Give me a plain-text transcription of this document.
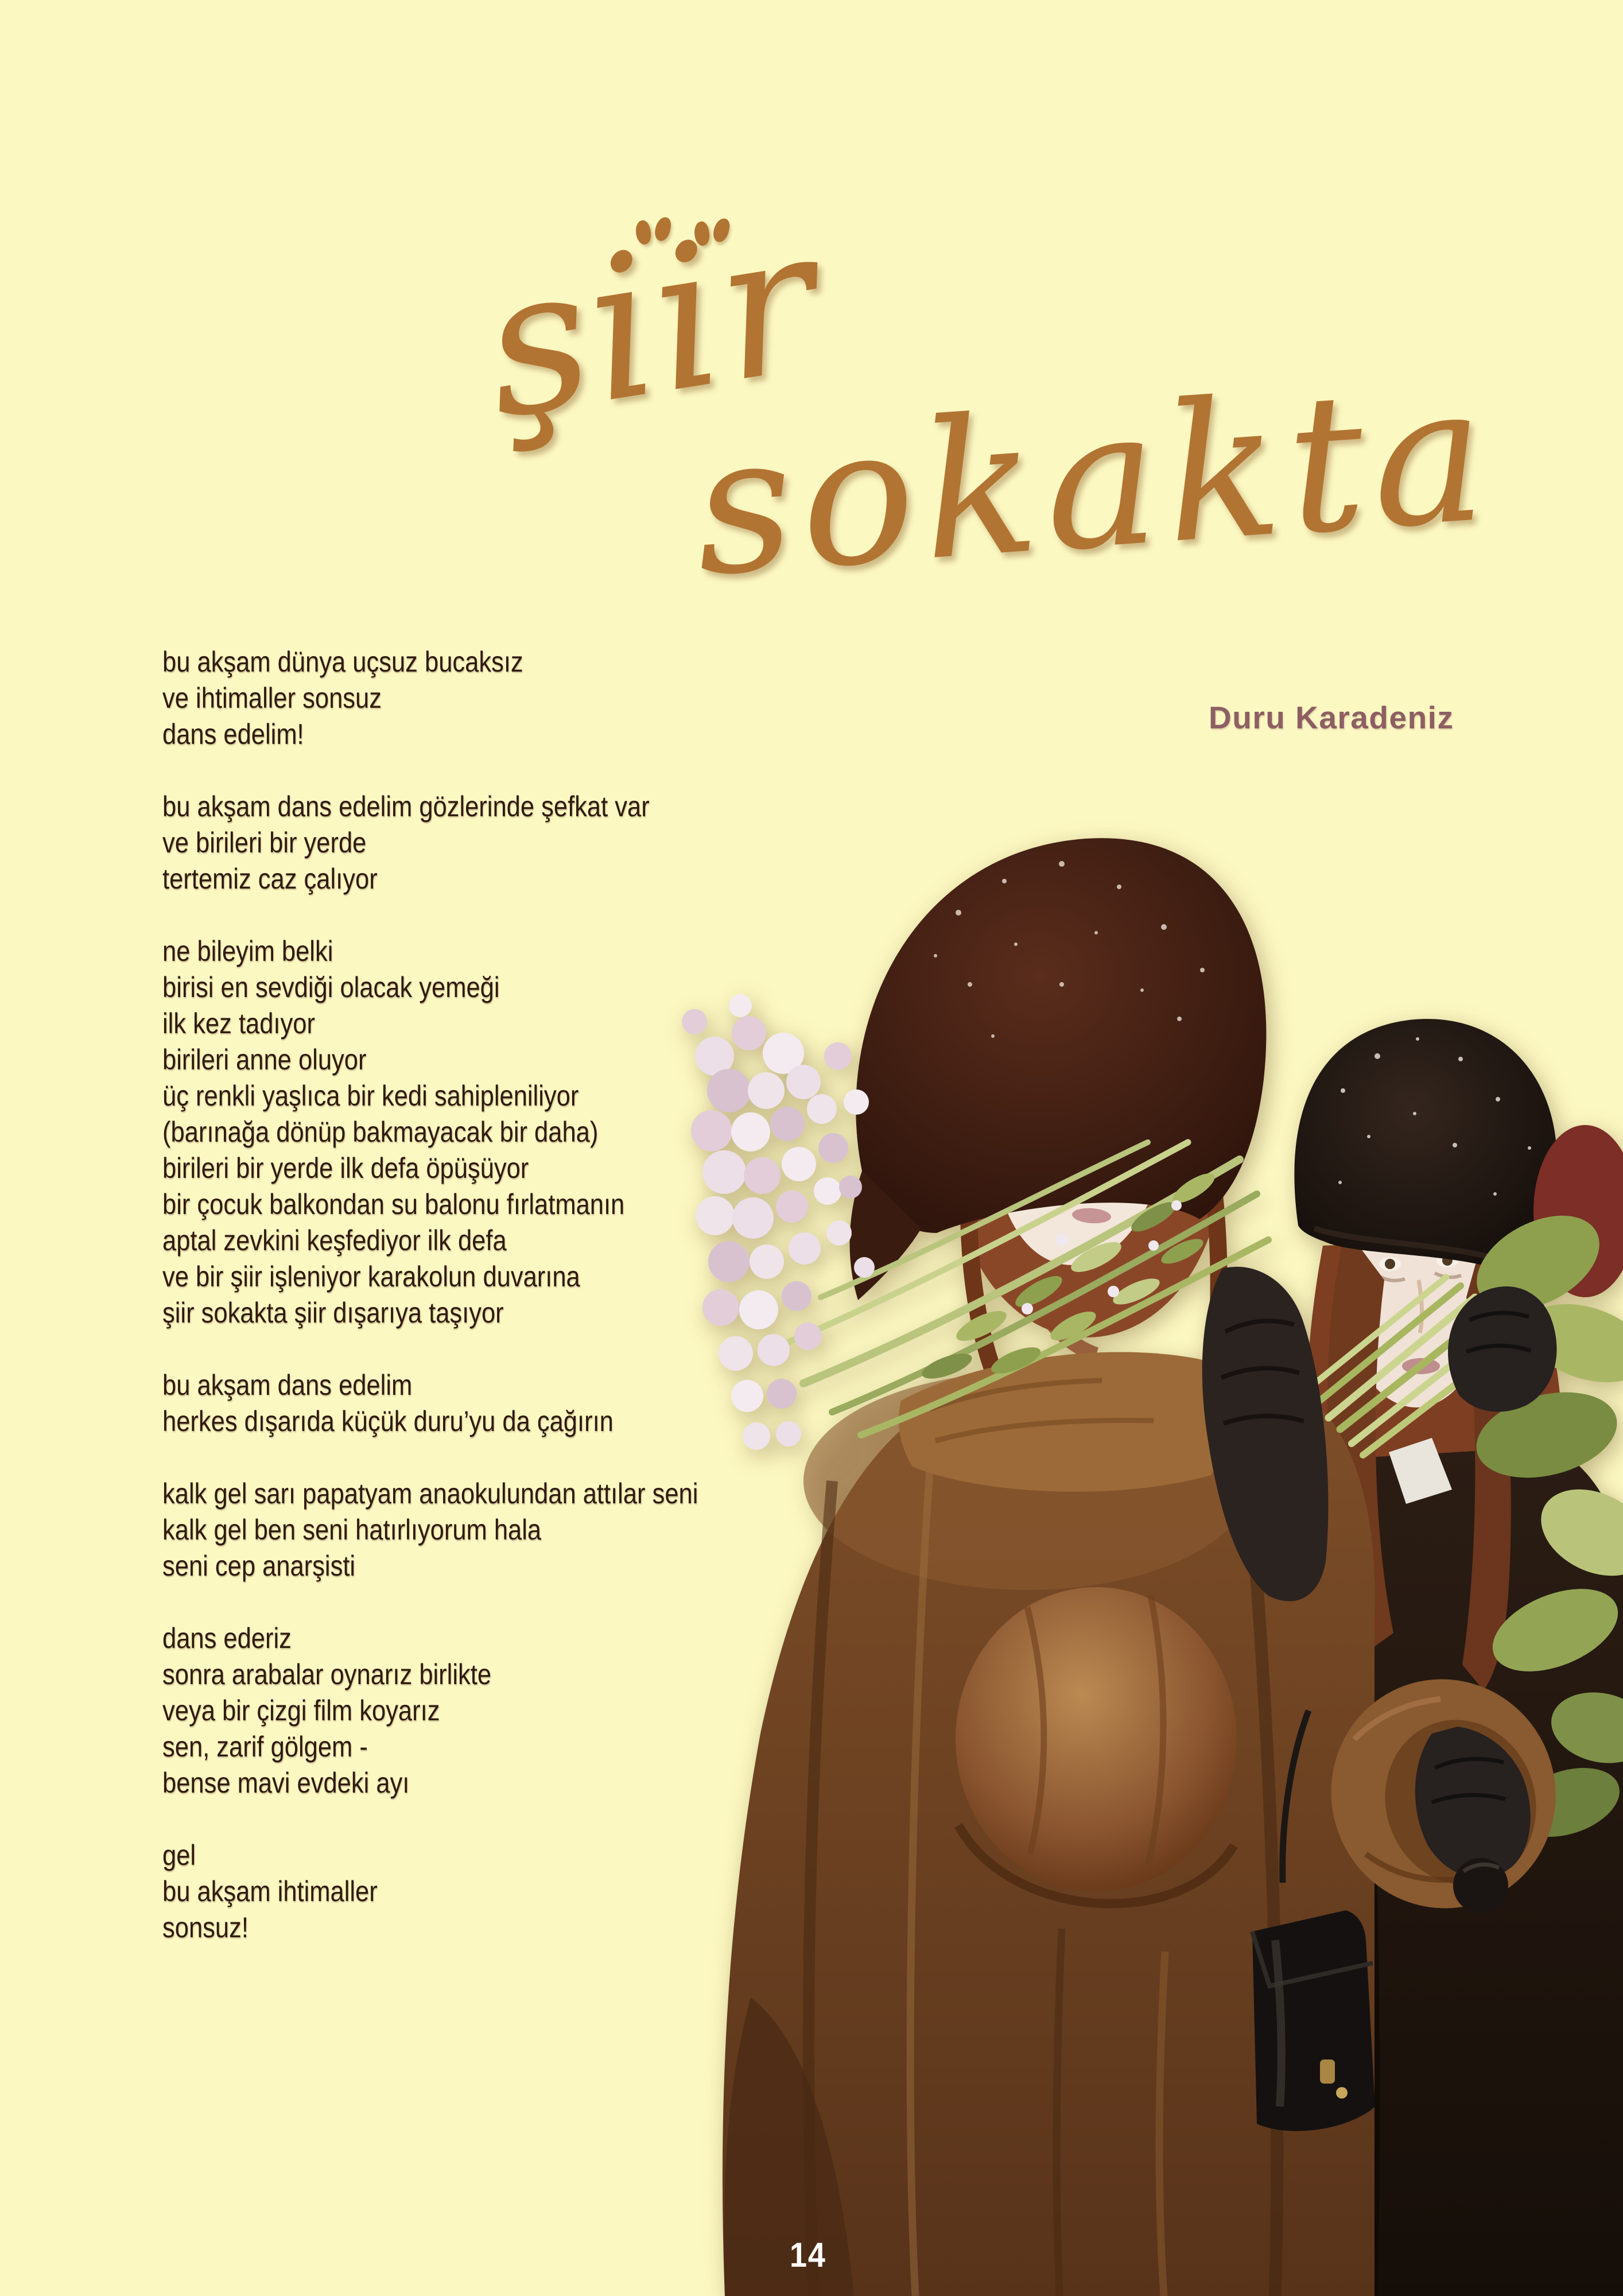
şiir
sokakta
Duru Karadeniz
bu akşam dünya uçsuz bucaksız
ve ihtimaller sonsuz
dans edelim!
bu akşam dans edelim gözlerinde şefkat var
ve birileri bir yerde
tertemiz caz çalıyor
ne bileyim belki
birisi en sevdiği olacak yemeği
ilk kez tadıyor
birileri anne oluyor
üç renkli yaşlıca bir kedi sahipleniliyor
(barınağa dönüp bakmayacak bir daha)
birileri bir yerde ilk defa öpüşüyor
bir çocuk balkondan su balonu fırlatmanın
aptal zevkini keşfediyor ilk defa
ve bir şiir işleniyor karakolun duvarına
şiir sokakta şiir dışarıya taşıyor
bu akşam dans edelim
herkes dışarıda küçük duru’yu da çağırın
kalk gel sarı papatyam anaokulundan attılar seni
kalk gel ben seni hatırlıyorum hala
seni cep anarşisti
dans ederiz
sonra arabalar oynarız birlikte
veya bir çizgi film koyarız
sen, zarif gölgem -
bense mavi evdeki ayı
gel
bu akşam ihtimaller
sonsuz!
14
